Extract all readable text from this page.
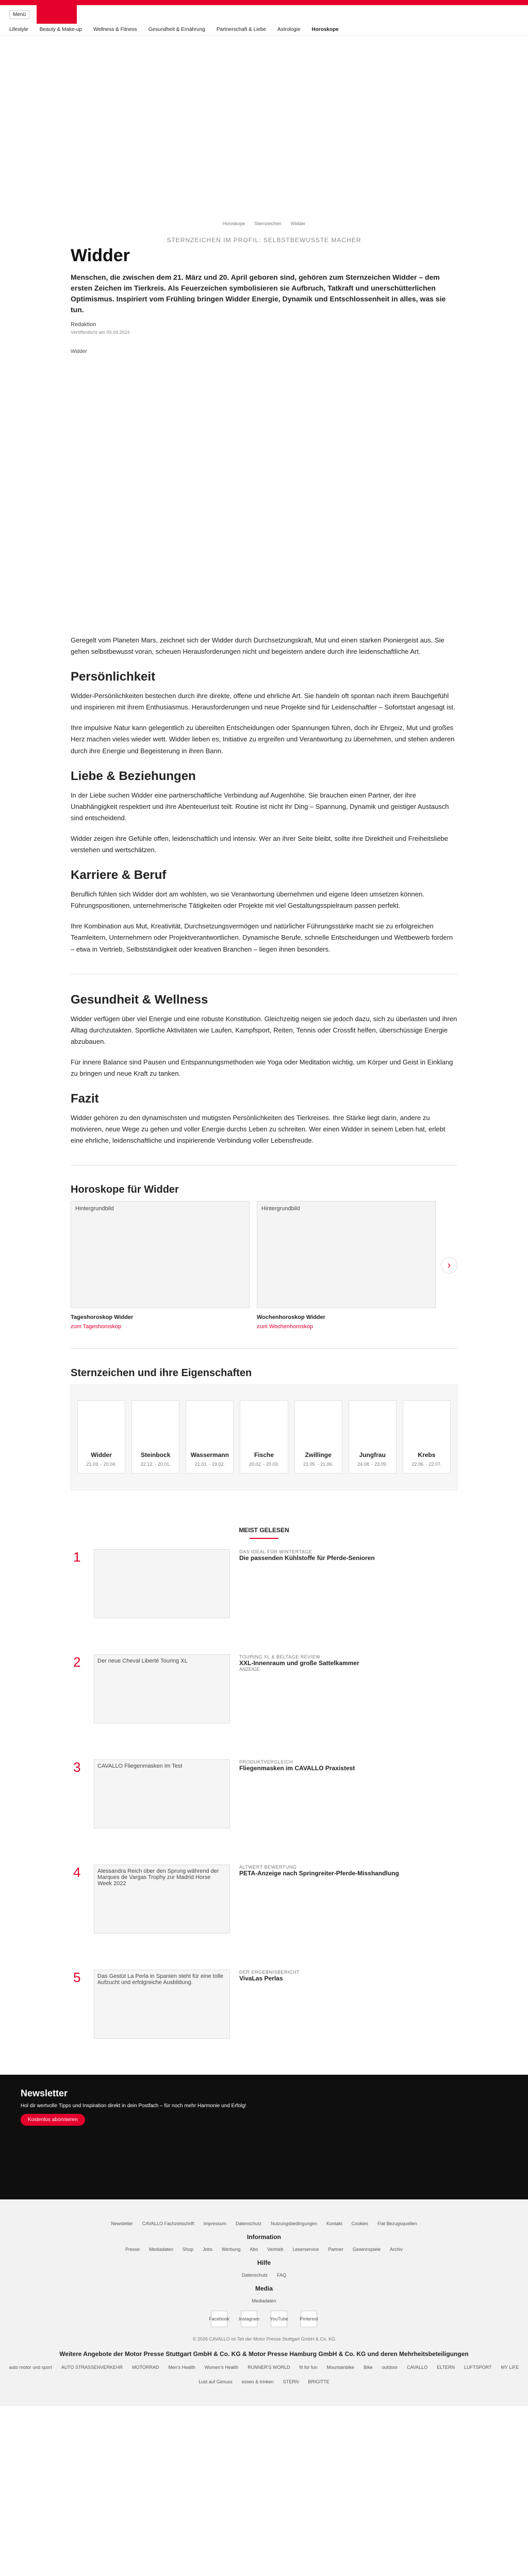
Menü
Lifestyle Beauty & Make-up Wellness & Fitness Gesundheit & Ernährung Partnerschaft & Liebe Astrologie Horoskope
Horoskope Sternzeichen Widder
STERNZEICHEN IM PROFIL: SELBSTBEWUSSTE MACHER
Widder
Menschen, die zwischen dem 21. März und 20. April geboren sind, gehören zum Sternzeichen Widder – dem ersten Zeichen im Tierkreis. Als Feuerzeichen symbolisieren sie Aufbruch, Tatkraft und unerschütterlichen Optimismus. Inspiriert vom Frühling bringen Widder Energie, Dynamik und Entschlossenheit in alles, was sie tun.
Redaktion
Veröffentlicht am 09.04.2024
Widder

Geregelt vom Planeten Mars, zeichnet sich der Widder durch Durchsetzungskraft, Mut und einen starken Pioniergeist aus. Sie gehen selbstbewusst voran, scheuen Herausforderungen nicht und begeistern andere durch ihre leidenschaftliche Art.

Persönlichkeit

Widder-Persönlichkeiten bestechen durch ihre direkte, offene und ehrliche Art. Sie handeln oft spontan nach ihrem Bauchgefühl und inspirieren mit ihrem Enthusiasmus. Herausforderungen und neue Projekte sind für Leidenschaftler – Sofortstart angesagt ist.

Ihre impulsive Natur kann gelegentlich zu übereilten Entscheidungen oder Spannungen führen, doch ihr Ehrgeiz, Mut und großes Herz machen vieles wieder wett. Widder lieben es, Initiative zu ergreifen und Verantwortung zu übernehmen, und stehen anderen durch ihre Energie und Begeisterung in ihren Bann.

Liebe & Beziehungen

In der Liebe suchen Widder eine partnerschaftliche Verbindung auf Augenhöhe. Sie brauchen einen Partner, der ihre Unabhängigkeit respektiert und ihre Abenteuerlust teilt. Routine ist nicht ihr Ding – Spannung, Dynamik und geistiger Austausch sind entscheidend.

Widder zeigen ihre Gefühle offen, leidenschaftlich und intensiv. Wer an ihrer Seite bleibt, sollte ihre Direktheit und Freiheitsliebe verstehen und wertschätzen.

Karriere & Beruf

Beruflich fühlen sich Widder dort am wohlsten, wo sie Verantwortung übernehmen und eigene Ideen umsetzen können. Führungspositionen, unternehmerische Tätigkeiten oder Projekte mit viel Gestaltungsspielraum passen perfekt.

Ihre Kombination aus Mut, Kreativität, Durchsetzungsvermögen und natürlicher Führungsstärke macht sie zu erfolgreichen Teamleitern, Unternehmern oder Projektverantwortlichen. Dynamische Berufe, schnelle Entscheidungen und Wettbewerb fordern – etwa in Vertrieb, Selbstständigkeit oder kreativen Branchen – liegen ihnen besonders.

Gesundheit & Wellness

Widder verfügen über viel Energie und eine robuste Konstitution. Gleichzeitig neigen sie jedoch dazu, sich zu überlasten und ihren Alltag durchzutakten. Sportliche Aktivitäten wie Laufen, Kampfsport, Reiten, Tennis oder Crossfit helfen, überschüssige Energie abzubauen.

Für innere Balance sind Pausen und Entspannungsmethoden wie Yoga oder Meditation wichtig, um Körper und Geist in Einklang zu bringen und neue Kraft zu tanken.

Fazit

Widder gehören zu den dynamischsten und mutigsten Persönlichkeiten des Tierkreises. Ihre Stärke liegt darin, andere zu motivieren, neue Wege zu gehen und voller Energie durchs Leben zu schreiten. Wer einen Widder in seinem Leben hat, erlebt eine ehrliche, leidenschaftliche und inspirierende Verbindung voller Lebensfreude.

Horoskope für Widder
Hintergrundbild
Tageshoroskop Widder
zum Tageshoroskop
Hintergrundbild
Wochenhoroskop Widder
zum Wochenhoroskop
›
Sternzeichen und ihre Eigenschaften
Widder
21.03. - 20.04.
Steinbock
22.12. - 20.01.
Wassermann
21.01. - 19.02.
Fische
20.02. - 20.03.
Zwillinge
21.05. - 21.06.
Jungfrau
24.08. - 23.09.
Krebs
22.06. - 22.07.
MEIST GELESEN
1	DAS IDEAL FÜR WINTERTAGE
Die passenden Kühlstoffe für Pferde-Senioren
2	Der neue Cheval Liberté Touring XL
TOURING XL & BELTAGE REVIEW
XXL-Innenraum und große Sattelkammer
ANZEIGE
3	CAVALLO Fliegenmasken im Test
PRODUKTVERGLEICH
Fliegenmasken im CAVALLO Praxistest
4	Alessandra Reich über den Sprung während der Marques de Vargas Trophy zur Madrid Horse Week 2022
ALTWERT BEWERTUNG
PETA-Anzeige nach Springreiter-Pferde-Misshandlung
5	Das Gestüt La Perla in Spanien steht für eine tolle Aufzucht und erfolgreiche Ausbildung.
DER ERGEBNISBERICHT
VivaLas Perlas
Newsletter
Hol dir wertvolle Tipps und Inspiration direkt in dein Postfach – für noch mehr Harmonie und Erfolg!
Kostenlos abonnieren
Newsletter CAVALLO Fachzeitschrift Impressum Datenschutz Nutzungsbedingungen Kontakt Cookies Fiat Bezugsquellen
Information
Presse Mediadaten Shop Jobs Werbung Abo Vertrieb Leserservice Partner Gewinnspiele Archiv
Hilfe
Datenschutz FAQ
Media
Mediadaten
Facebook Instagram YouTube	Pinterest
© 2026 CAVALLO ist Teil der Motor Presse Stuttgart GmbH & Co. KG
Weitere Angebote der Motor Presse Stuttgart GmbH & Co. KG & Motor Presse Hamburg GmbH & Co. KG und deren Mehrheitsbeteiligungen
auto motor und sport AUTO STRASSENVERKEHR MOTORRAD Men's Health Women's Health RUNNER'S WORLD fit for fun Mountainbike Bike outdoor CAVALLO ELTERN LUFTSPORT MY LIFE
Lust auf Genuss essen & trinken STERN BRIGITTE
